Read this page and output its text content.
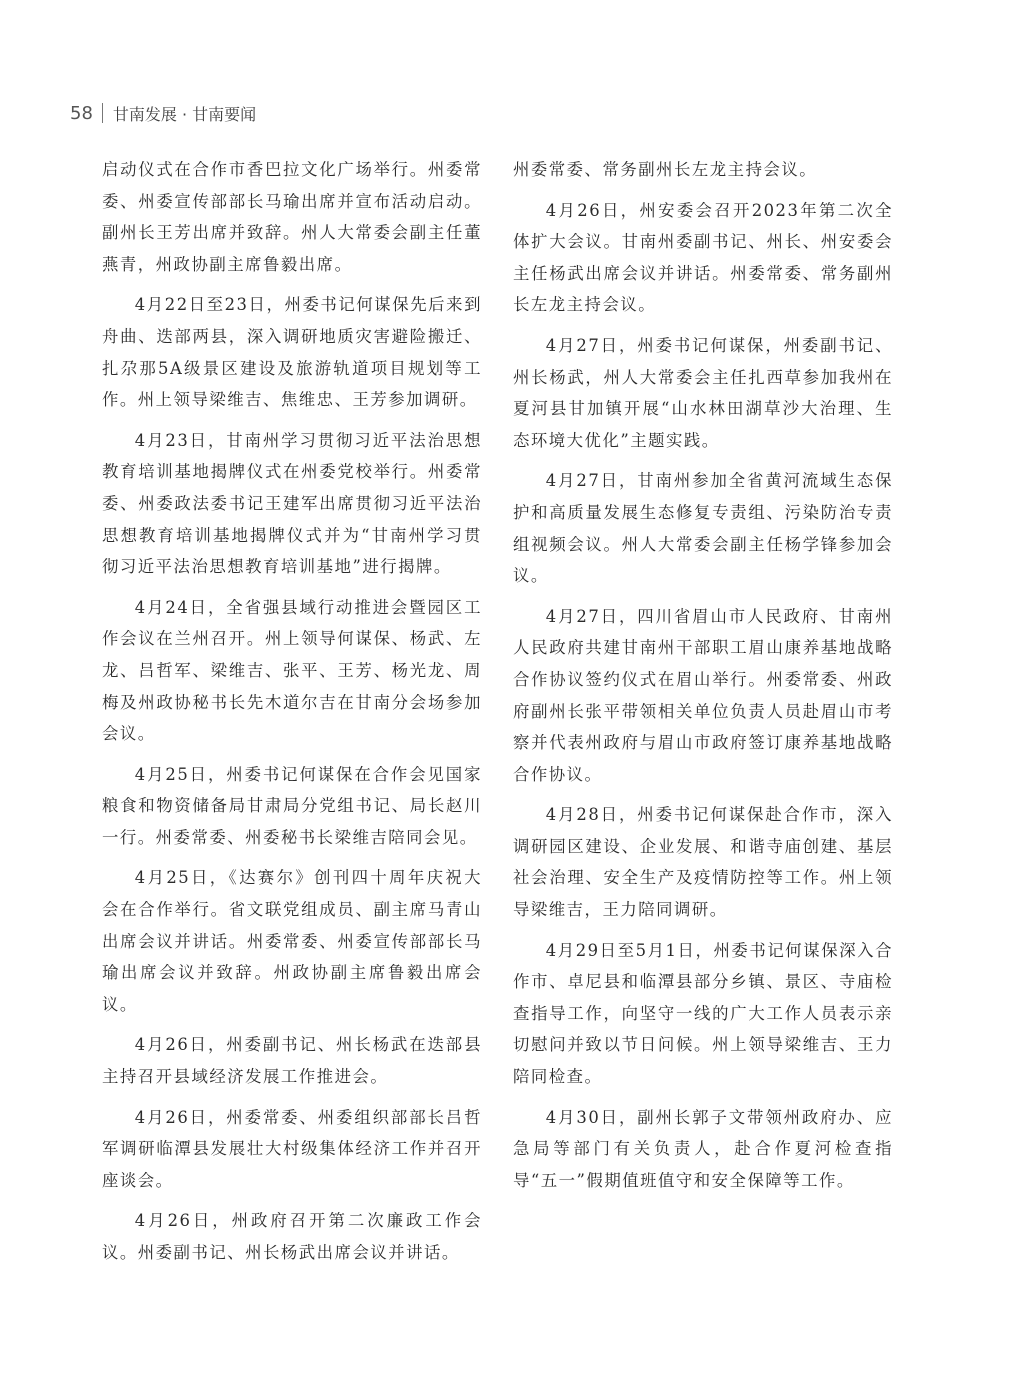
58 甘南发展 · 甘南要闻

启动仪式在合作市香巴拉文化广场举行。州委常委、州委宣传部部长马瑜出席并宣布活动启动。副州长王芳出席并致辞。州人大常委会副主任董燕青，州政协副主席鲁毅出席。

4月22日至23日，州委书记何谋保先后来到舟曲、迭部两县，深入调研地质灾害避险搬迁、扎尕那5A级景区建设及旅游轨道项目规划等工作。州上领导梁维吉、焦维忠、王芳参加调研。

4月23日，甘南州学习贯彻习近平法治思想教育培训基地揭牌仪式在州委党校举行。州委常委、州委政法委书记王建军出席贯彻习近平法治思想教育培训基地揭牌仪式并为“甘南州学习贯彻习近平法治思想教育培训基地”进行揭牌。

4月24日，全省强县域行动推进会暨园区工作会议在兰州召开。州上领导何谋保、杨武、左龙、吕哲军、梁维吉、张平、王芳、杨光龙、周梅及州政协秘书长先木道尔吉在甘南分会场参加会议。

4月25日，州委书记何谋保在合作会见国家粮食和物资储备局甘肃局分党组书记、局长赵川一行。州委常委、州委秘书长梁维吉陪同会见。

4月25日，《达赛尔》创刊四十周年庆祝大会在合作举行。省文联党组成员、副主席马青山出席会议并讲话。州委常委、州委宣传部部长马瑜出席会议并致辞。州政协副主席鲁毅出席会议。

4月26日，州委副书记、州长杨武在迭部县主持召开县域经济发展工作推进会。

4月26日，州委常委、州委组织部部长吕哲军调研临潭县发展壮大村级集体经济工作并召开座谈会。

4月26日，州政府召开第二次廉政工作会议。州委副书记、州长杨武出席会议并讲话。

州委常委、常务副州长左龙主持会议。

4月26日，州安委会召开2023年第二次全体扩大会议。甘南州委副书记、州长、州安委会主任杨武出席会议并讲话。州委常委、常务副州长左龙主持会议。

4月27日，州委书记何谋保，州委副书记、州长杨武，州人大常委会主任扎西草参加我州在夏河县甘加镇开展“山水林田湖草沙大治理、生态环境大优化”主题实践。

4月27日，甘南州参加全省黄河流域生态保护和高质量发展生态修复专责组、污染防治专责组视频会议。州人大常委会副主任杨学锋参加会议。

4月27日，四川省眉山市人民政府、甘南州人民政府共建甘南州干部职工眉山康养基地战略合作协议签约仪式在眉山举行。州委常委、州政府副州长张平带领相关单位负责人员赴眉山市考察并代表州政府与眉山市政府签订康养基地战略合作协议。

4月28日，州委书记何谋保赴合作市，深入调研园区建设、企业发展、和谐寺庙创建、基层社会治理、安全生产及疫情防控等工作。州上领导梁维吉，王力陪同调研。

4月29日至5月1日，州委书记何谋保深入合作市、卓尼县和临潭县部分乡镇、景区、寺庙检查指导工作，向坚守一线的广大工作人员表示亲切慰问并致以节日问候。州上领导梁维吉、王力陪同检查。

4月30日，副州长郭子文带领州政府办、应急局等部门有关负责人，赴合作夏河检查指导“五一”假期值班值守和安全保障等工作。
